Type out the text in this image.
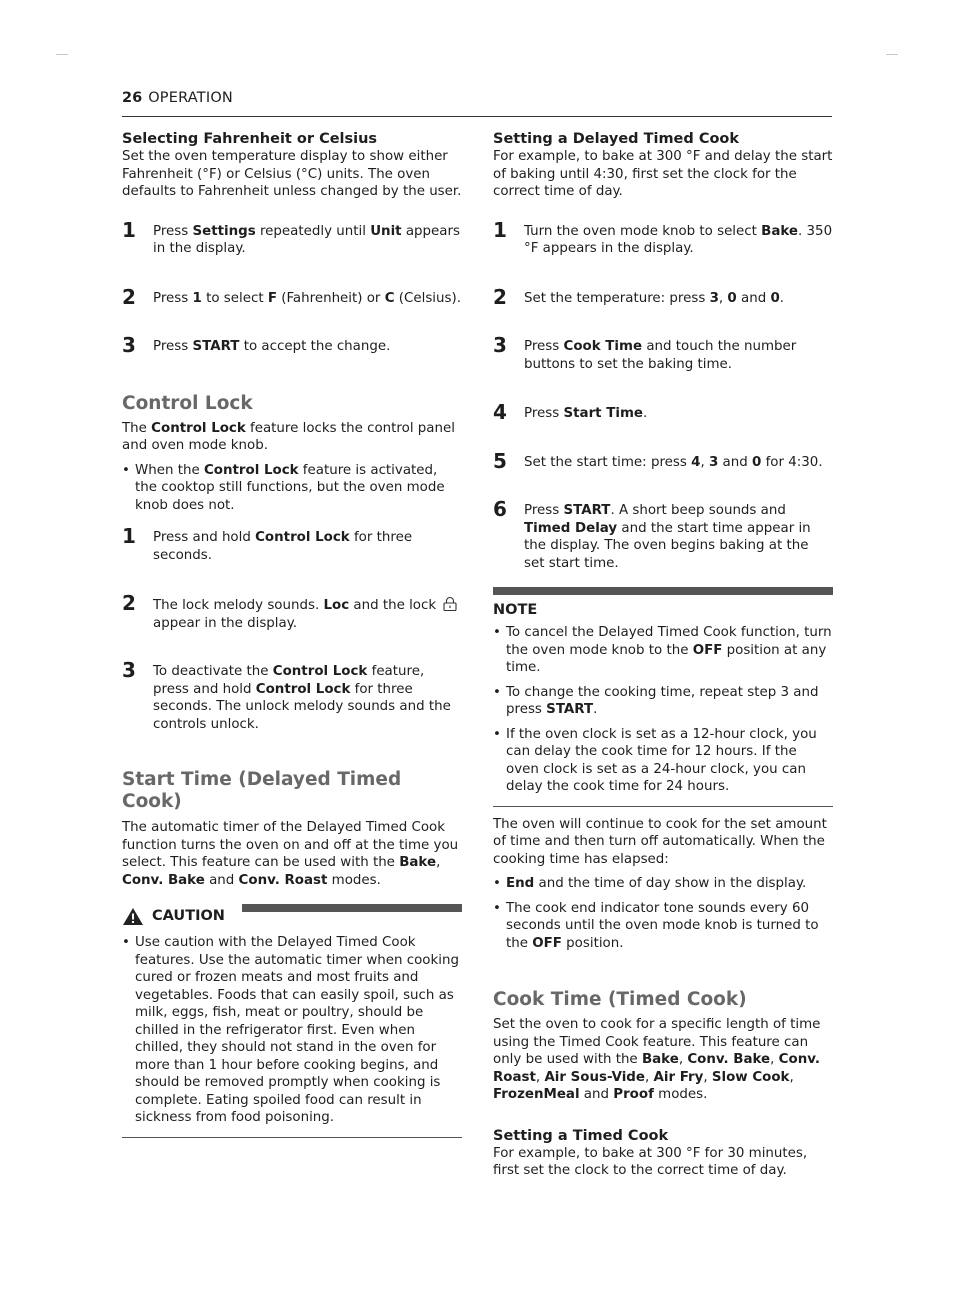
26 OPERATION
Selecting Fahrenheit or Celsius

Set the oven temperature display to show either Fahrenheit (°F) or Celsius (°C) units. The oven defaults to Fahrenheit unless changed by the user.

1 Press Settings repeatedly until Unit appears in the display.
2 Press 1 to select F (Fahrenheit) or C (Celsius).
3 Press START to accept the change.
Control Lock

The Control Lock feature locks the control panel and oven mode knob.

• When the Control Lock feature is activated, the cooktop still functions, but the oven mode knob does not.
1 Press and hold Control Lock for three seconds.
2 The lock melody sounds. Loc and the lock  appear in the display.
3 To deactivate the Control Lock feature, press and hold Control Lock for three seconds. The unlock melody sounds and the controls unlock.
Start Time (Delayed Timed Cook)

The automatic timer of the Delayed Timed Cook function turns the oven on and off at the time you select. This feature can be used with the Bake, Conv. Bake and Conv. Roast modes.

CAUTION
• Use caution with the Delayed Timed Cook features. Use the automatic timer when cooking cured or frozen meats and most fruits and vegetables. Foods that can easily spoil, such as milk, eggs, fish, meat or poultry, should be chilled in the refrigerator first. Even when chilled, they should not stand in the oven for more than 1 hour before cooking begins, and should be removed promptly when cooking is complete. Eating spoiled food can result in sickness from food poisoning.
Setting a Delayed Timed Cook

For example, to bake at 300 °F and delay the start of baking until 4:30, first set the clock for the correct time of day.

1 Turn the oven mode knob to select Bake. 350 °F appears in the display.
2 Set the temperature: press 3, 0 and 0.
3 Press Cook Time and touch the number buttons to set the baking time.
4 Press Start Time.
5 Set the start time: press 4, 3 and 0 for 4:30.
6 Press START. A short beep sounds and Timed Delay and the start time appear in the display. The oven begins baking at the set start time.
NOTE
• To cancel the Delayed Timed Cook function, turn the oven mode knob to the OFF position at any time.
• To change the cooking time, repeat step 3 and press START.
• If the oven clock is set as a 12-hour clock, you can delay the cook time for 12 hours. If the oven clock is set as a 24-hour clock, you can delay the cook time for 24 hours.

The oven will continue to cook for the set amount of time and then turn off automatically. When the cooking time has elapsed:

• End and the time of day show in the display.
• The cook end indicator tone sounds every 60 seconds until the oven mode knob is turned to the OFF position.
Cook Time (Timed Cook)

Set the oven to cook for a specific length of time using the Timed Cook feature. This feature can only be used with the Bake, Conv. Bake, Conv. Roast, Air Sous-Vide, Air Fry, Slow Cook, FrozenMeal and Proof modes.

Setting a Timed Cook

For example, to bake at 300 °F for 30 minutes, first set the clock to the correct time of day.
